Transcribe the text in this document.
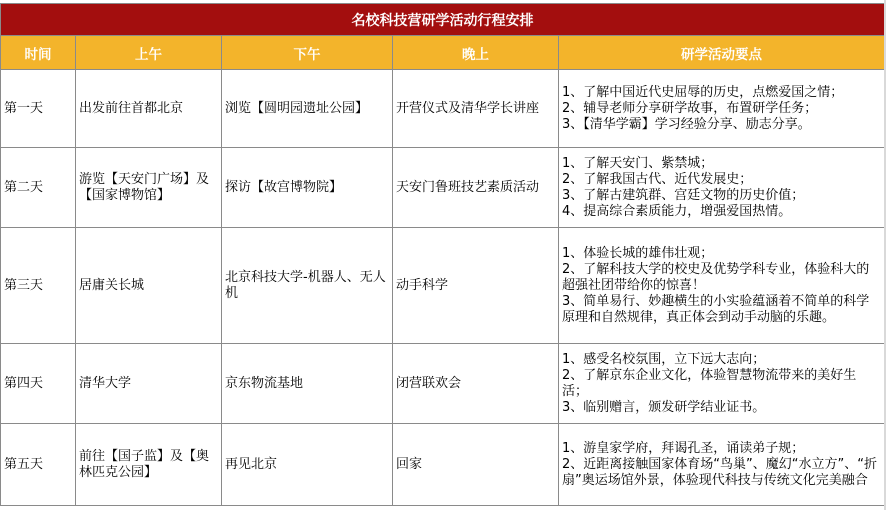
名校科技营研学活动行程安排				
时间	上午	下午	晚上	研学活动要点
第一天	出发前往首都北京	浏览【圆明园遗址公园】	开营仪式及清华学长讲座	1、了解中国近代史屈辱的历史，点燃爱国之情；
2、辅导老师分享研学故事，布置研学任务；
3、【清华学霸】学习经验分享、励志分享。
第二天	游览【天安门广场】及【国家博物馆】	探访【故宫博物院】	天安门鲁班技艺素质活动	1、了解天安门、紫禁城；
2、了解我国古代、近代发展史；
3、了解古建筑群、宫廷文物的历史价值；
4、提高综合素质能力，增强爱国热情。
第三天	居庸关长城	北京科技大学-机器人、无人机	动手科学	1、体验长城的雄伟壮观；
2、了解科技大学的校史及优势学科专业，体验科大的超强社团带给你的惊喜！
3、简单易行、妙趣横生的小实验蕴涵着不简单的科学原理和自然规律，真正体会到动手动脑的乐趣。
第四天	清华大学	京东物流基地	闭营联欢会	1、感受名校氛围，立下远大志向；
2、了解京东企业文化，体验智慧物流带来的美好生活；
3、临别赠言，颁发研学结业证书。
第五天	前往【国子监】及【奥林匹克公园】	再见北京	回家	1、游皇家学府，拜谒孔圣，诵读弟子规；
2、近距离接触国家体育场“鸟巢”、魔幻“水立方”、“折扇”奥运场馆外景，体验现代科技与传统文化完美融合
